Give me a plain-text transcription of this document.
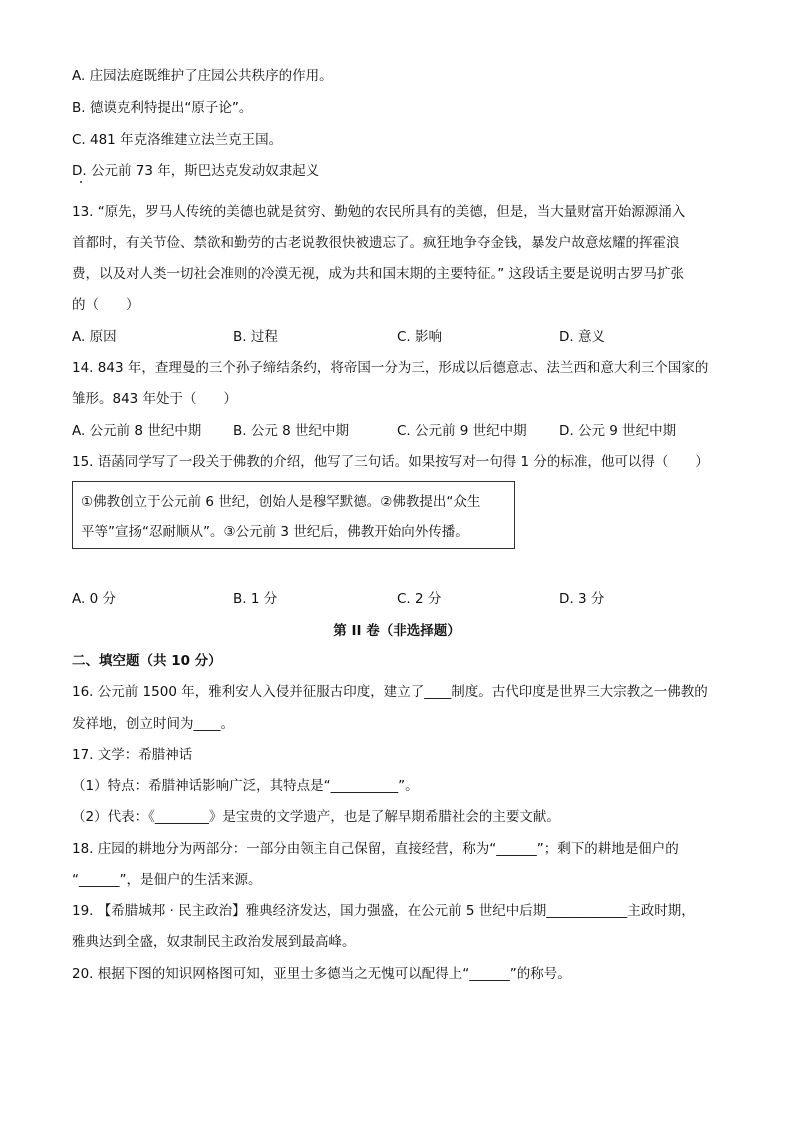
A. 庄园法庭既维护了庄园公共秩序的作用。
B. 德谟克利特提出“原子论”。
C. 481 年克洛维建立法兰克王国。
D. 公元前 73 年，斯巴达克发动奴隶起义
13. “原先，罗马人传统的美德也就是贫穷、勤勉的农民所具有的美德，但是，当大量财富开始源源涌入
首都时，有关节俭、禁欲和勤劳的古老说教很快被遗忘了。疯狂地争夺金钱，暴发户故意炫耀的挥霍浪
费，以及对人类一切社会准则的冷漠无视，成为共和国末期的主要特征。” 这段话主要是说明古罗马扩张
的（　　）
A. 原因	B. 过程	C. 影响	D. 意义
14. 843 年，查理曼的三个孙子缔结条约，将帝国一分为三，形成以后德意志、法兰西和意大利三个国家的
雏形。843 年处于（　　）
A. 公元前 8 世纪中期 B. 公元 8 世纪中期	C. 公元前 9 世纪中期 D. 公元 9 世纪中期
15. 语菡同学写了一段关于佛教的介绍，他写了三句话。如果按写对一句得 1 分的标准，他可以得（　　）
①佛教创立于公元前 6 世纪，创始人是穆罕默德。②佛教提出“众生
平等”宣扬“忍耐顺从”。③公元前 3 世纪后，佛教开始向外传播。
A. 0 分	B. 1 分	C. 2 分	D. 3 分
第 II 卷（非选择题）
二、填空题（共 10 分）
16. 公元前 1500 年，雅利安人入侵并征服古印度，建立了____制度。古代印度是世界三大宗教之一佛教的
发祥地，创立时间为____。
17. 文学：希腊神话
（1）特点：希腊神话影响广泛，其特点是“__________”。
（2）代表：《________》是宝贵的文学遗产，也是了解早期希腊社会的主要文献。
18. 庄园的耕地分为两部分：一部分由领主自己保留，直接经营，称为“______”；剩下的耕地是佃户的
“______”，是佃户的生活来源。
19. 【希腊城邦 · 民主政治】雅典经济发达，国力强盛，在公元前 5 世纪中后期____________主政时期，
雅典达到全盛，奴隶制民主政治发展到最高峰。
20. 根据下图的知识网格图可知，亚里士多德当之无愧可以配得上“______”的称号。
